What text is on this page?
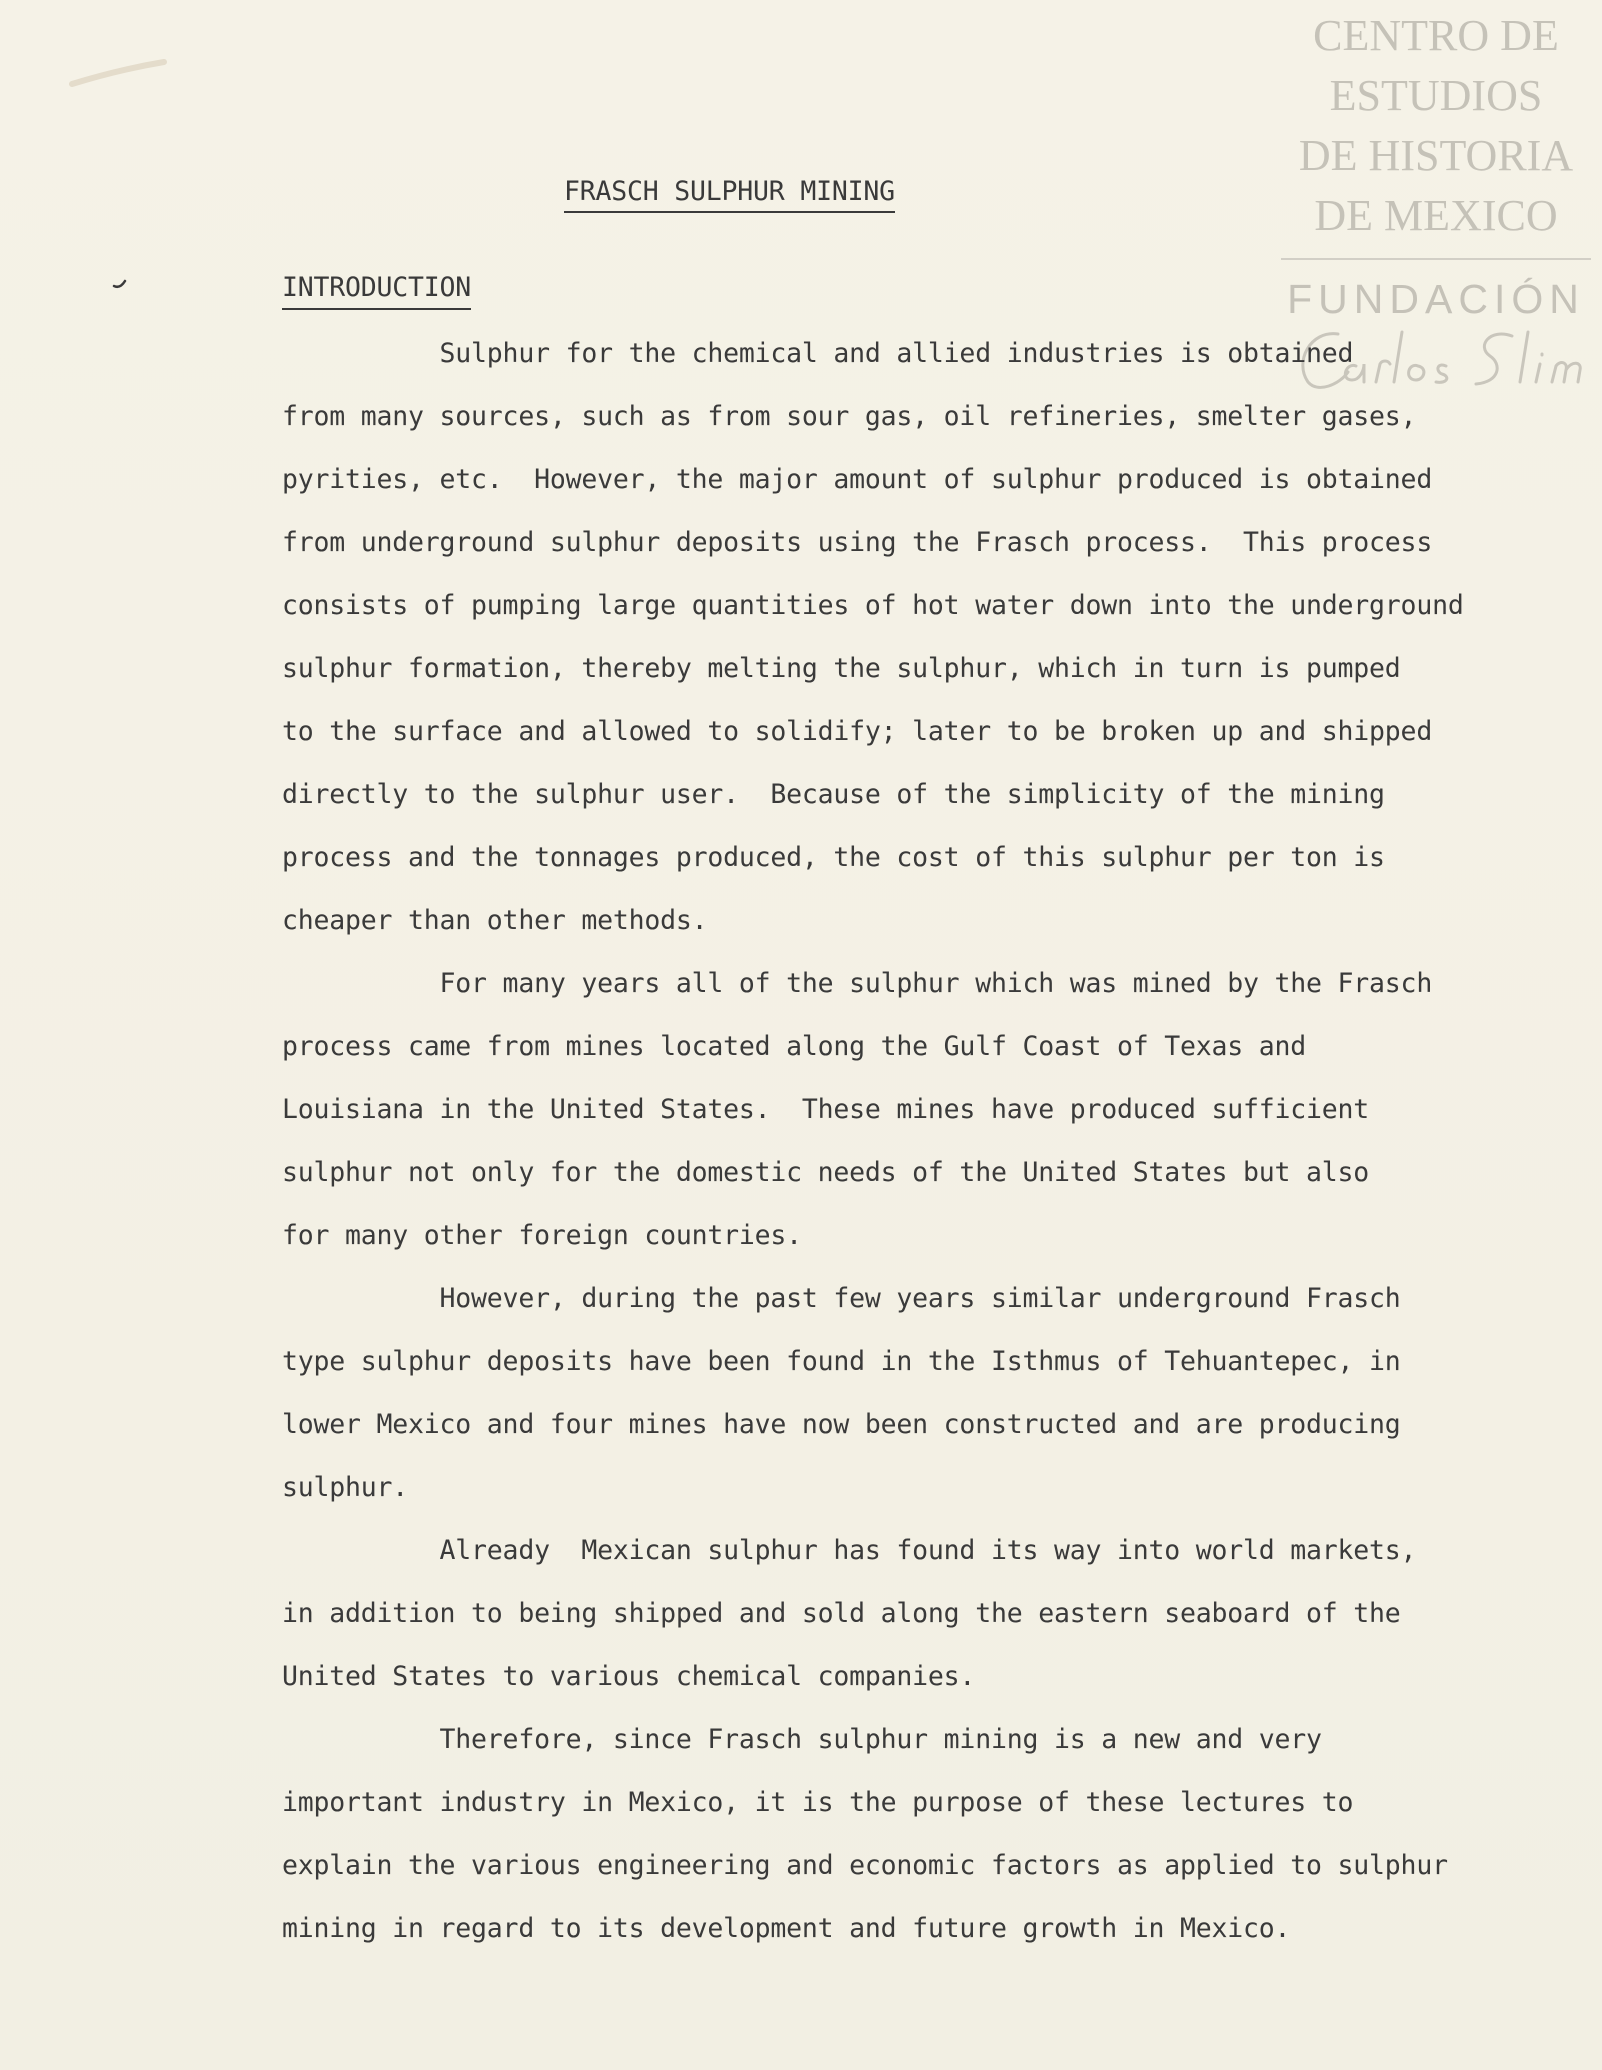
CENTRO DE
ESTUDIOS
DE HISTORIA
DE MEXICO
FUNDACIÓN
FRASCH SULPHUR MINING
INTRODUCTION
Sulphur for the chemical and allied industries is obtained
from many sources, such as from sour gas, oil refineries, smelter gases,
pyrities, etc.  However, the major amount of sulphur produced is obtained
from underground sulphur deposits using the Frasch process.  This process
consists of pumping large quantities of hot water down into the underground
sulphur formation, thereby melting the sulphur, which in turn is pumped
to the surface and allowed to solidify; later to be broken up and shipped
directly to the sulphur user.  Because of the simplicity of the mining
process and the tonnages produced, the cost of this sulphur per ton is
cheaper than other methods.
For many years all of the sulphur which was mined by the Frasch
process came from mines located along the Gulf Coast of Texas and
Louisiana in the United States.  These mines have produced sufficient
sulphur not only for the domestic needs of the United States but also
for many other foreign countries.
However, during the past few years similar underground Frasch
type sulphur deposits have been found in the Isthmus of Tehuantepec, in
lower Mexico and four mines have now been constructed and are producing
sulphur.
Already  Mexican sulphur has found its way into world markets,
in addition to being shipped and sold along the eastern seaboard of the
United States to various chemical companies.
Therefore, since Frasch sulphur mining is a new and very
important industry in Mexico, it is the purpose of these lectures to
explain the various engineering and economic factors as applied to sulphur
mining in regard to its development and future growth in Mexico.
